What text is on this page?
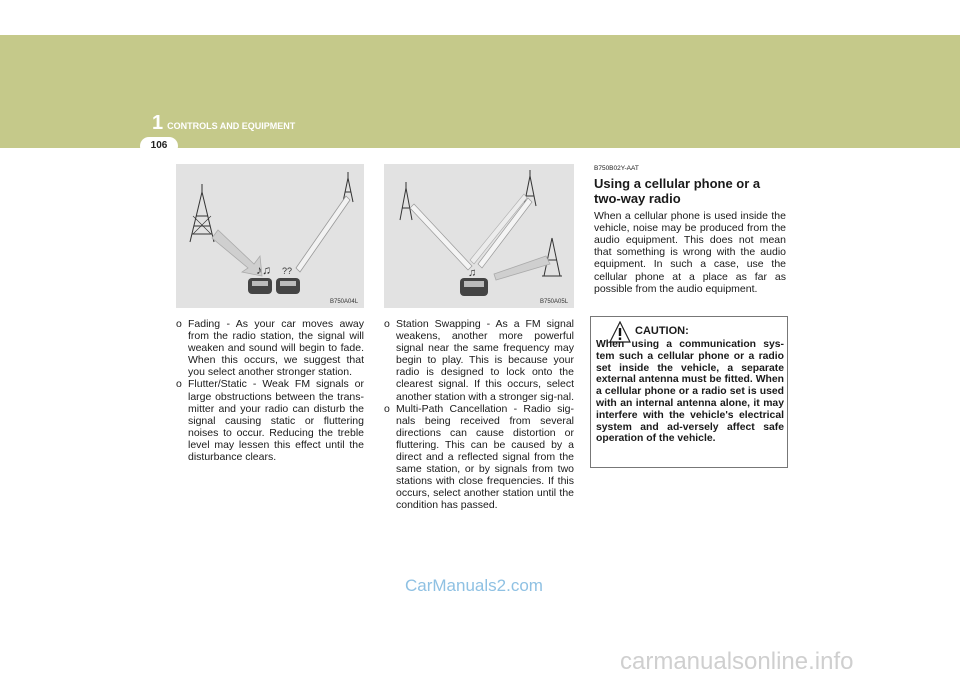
1 CONTROLS AND EQUIPMENT
106
♪♫ ??
B750A04L
♫
B750A05L

o Fading - As your car moves away from the radio station, the signal will weaken and sound will begin to fade. When this occurs, we suggest that you select another stronger station.

o Flutter/Static - Weak FM signals or large obstructions between the trans-mitter and your radio can disturb the signal causing static or fluttering noises to occur. Reducing the treble level may lessen this effect until the disturbance clears.

o Station Swapping - As a FM signal weakens, another more powerful signal near the same frequency may begin to play. This is because your radio is designed to lock onto the clearest signal. If this occurs, select another station with a stronger sig-nal.

o Multi-Path Cancellation - Radio sig-nals being received from several directions can cause distortion or fluttering. This can be caused by a direct and a reflected signal from the same station, or by signals from two stations with close frequencies. If this occurs, select another station until the condition has passed.

B750B02Y-AAT
Using a cellular phone or a two-way radio

When a cellular phone is used inside the vehicle, noise may be produced from the audio equipment. This does not mean that something is wrong with the audio equipment. In such a case, use the cellular phone at a place as far as possible from the audio equipment.

CAUTION:
When using a communication sys-tem such a cellular phone or a radio set inside the vehicle, a separate external antenna must be fitted. When a cellular phone or a radio set is used with an internal antenna alone, it may interfere with the vehicle's electrical system and ad-versely affect safe operation of the vehicle.
CarManuals2.com
carmanualsonline.info
